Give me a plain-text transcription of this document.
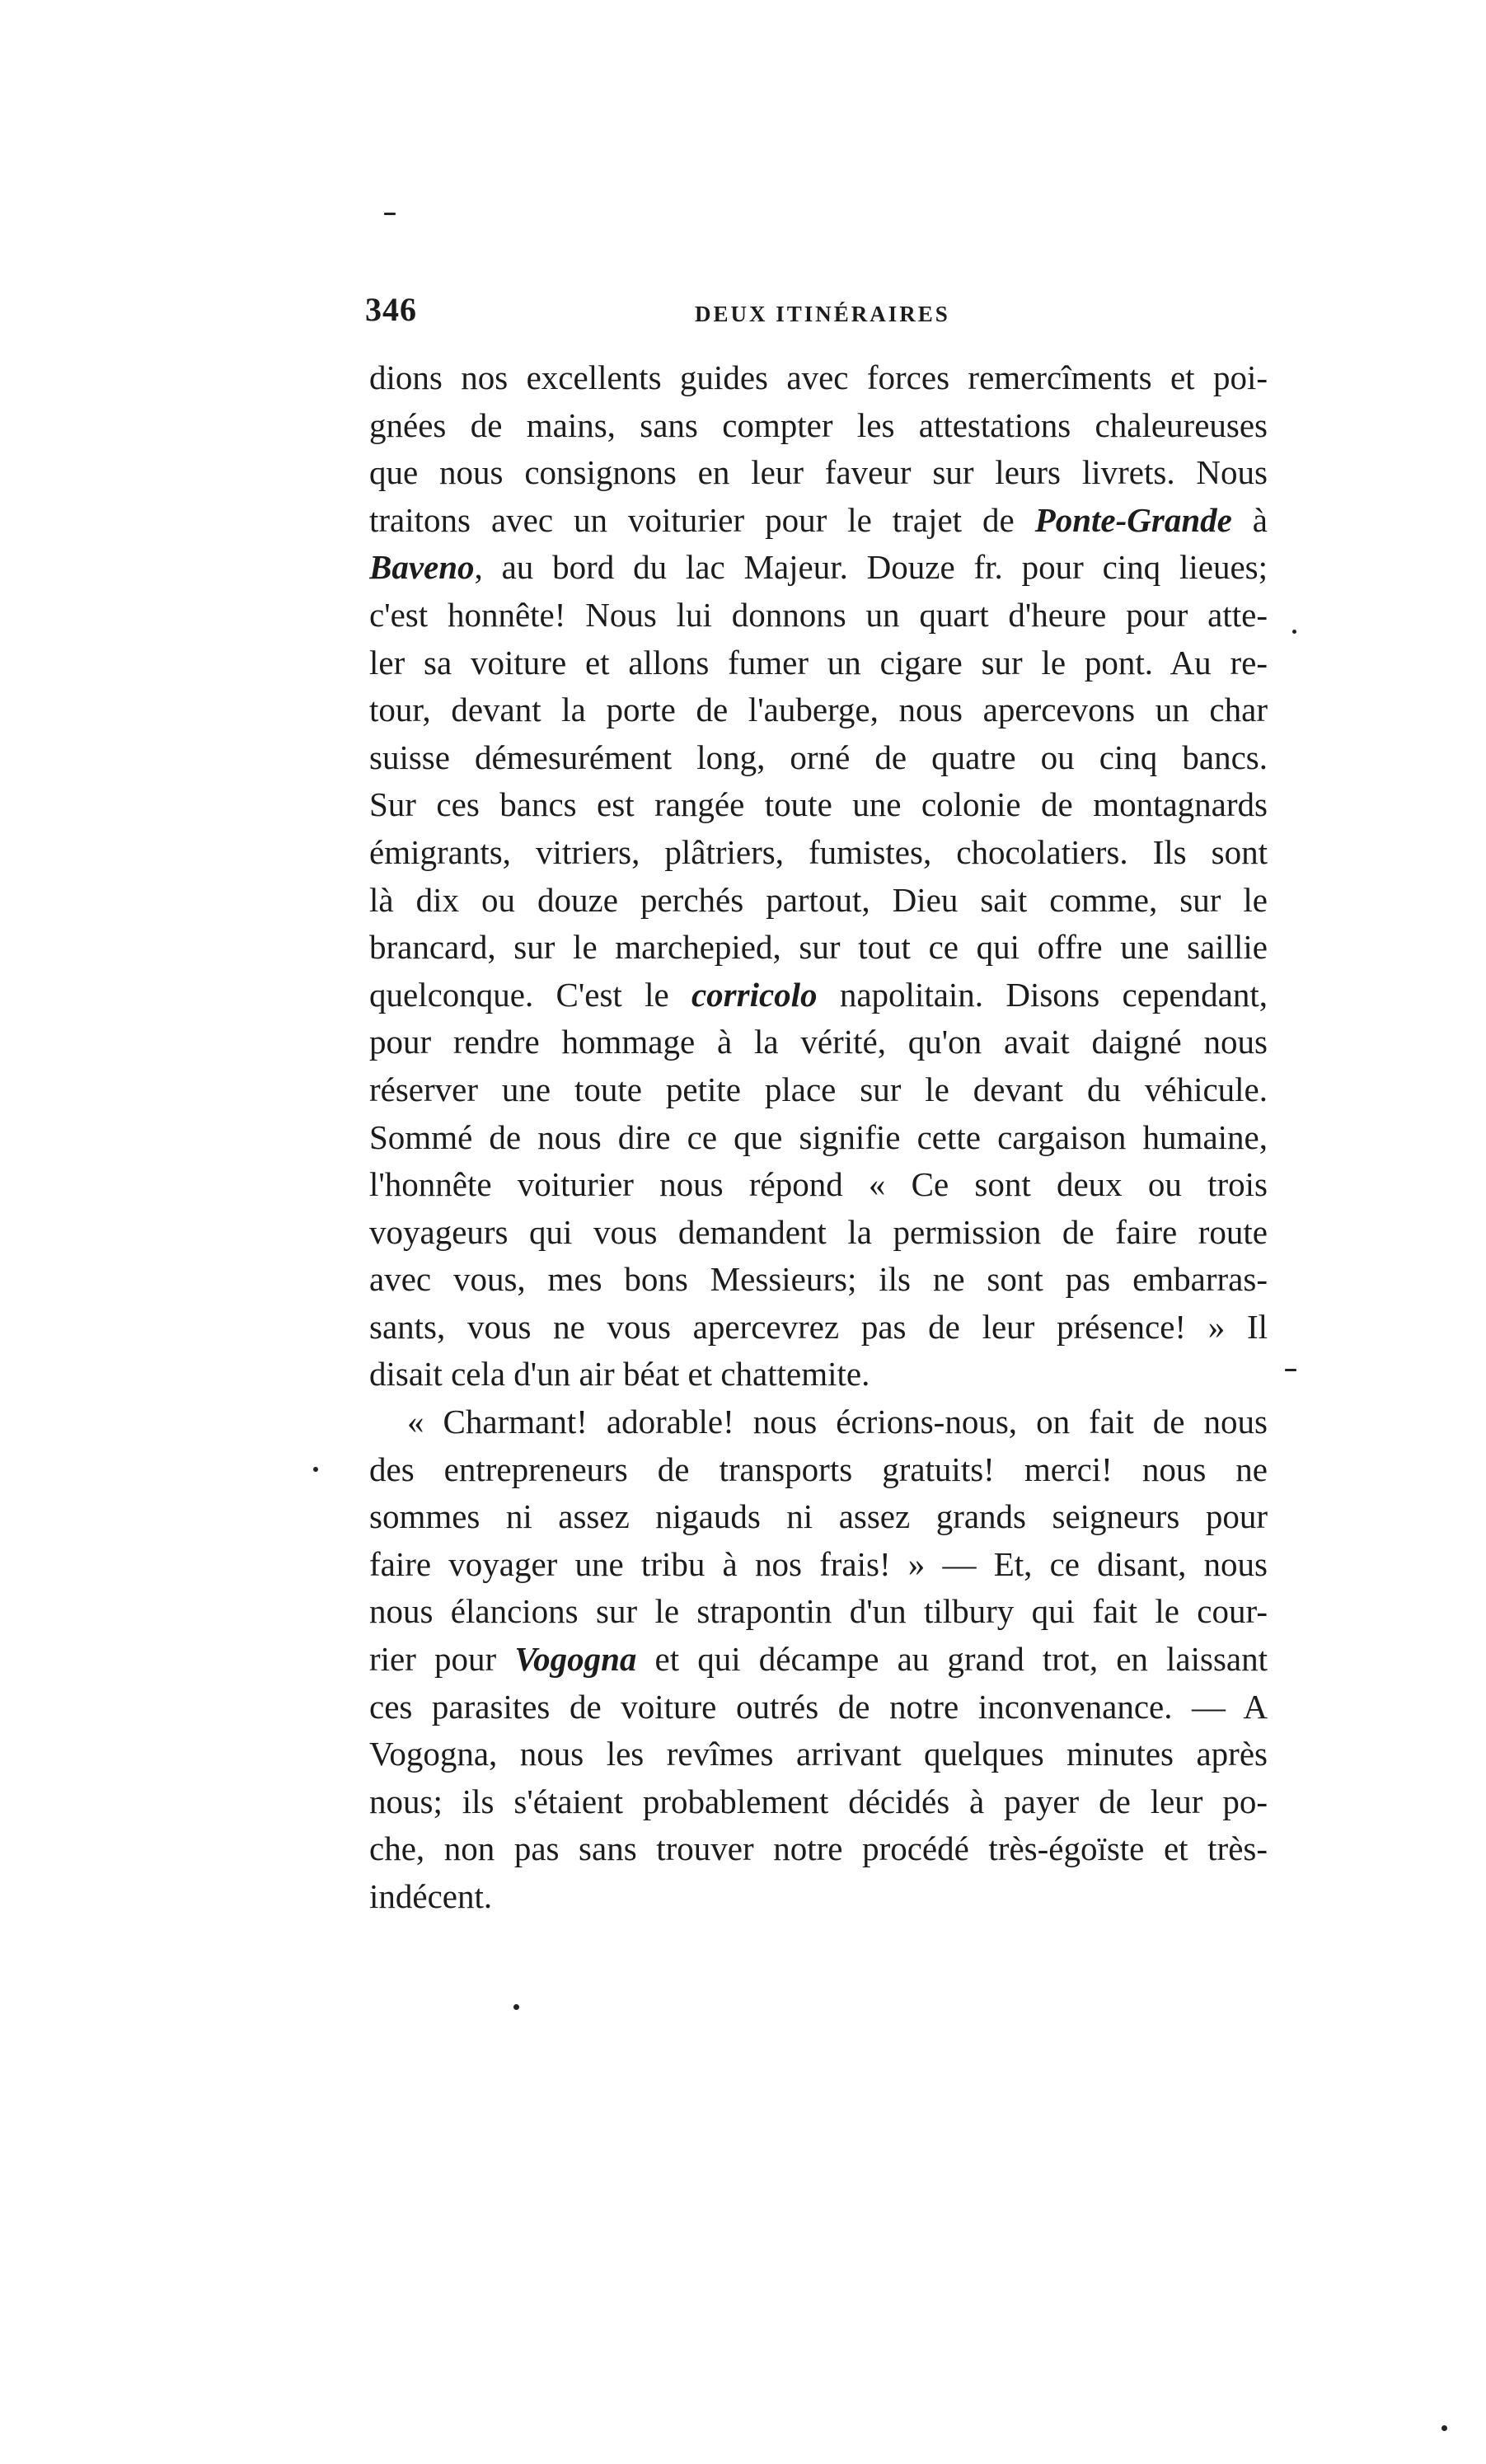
346	DEUX ITINÉRAIRES
dions nos excellents guides avec forces remercîments et poi-
gnées de mains, sans compter les attestations chaleureuses
que nous consignons en leur faveur sur leurs livrets. Nous
traitons avec un voiturier pour le trajet de Ponte-Grande à
Baveno, au bord du lac Majeur. Douze fr. pour cinq lieues;
c'est honnête! Nous lui donnons un quart d'heure pour atte-
ler sa voiture et allons fumer un cigare sur le pont. Au re-
tour, devant la porte de l'auberge, nous apercevons un char
suisse démesurément long, orné de quatre ou cinq bancs.
Sur ces bancs est rangée toute une colonie de montagnards
émigrants, vitriers, plâtriers, fumistes, chocolatiers. Ils sont
là dix ou douze perchés partout, Dieu sait comme, sur le
brancard, sur le marchepied, sur tout ce qui offre une saillie
quelconque. C'est le corricolo napolitain. Disons cependant,
pour rendre hommage à la vérité, qu'on avait daigné nous
réserver une toute petite place sur le devant du véhicule.
Sommé de nous dire ce que signifie cette cargaison humaine,
l'honnête voiturier nous répond « Ce sont deux ou trois
voyageurs qui vous demandent la permission de faire route
avec vous, mes bons Messieurs; ils ne sont pas embarras-
sants, vous ne vous apercevrez pas de leur présence! » Il
disait cela d'un air béat et chattemite.
« Charmant! adorable! nous écrions-nous, on fait de nous
des entrepreneurs de transports gratuits! merci! nous ne
sommes ni assez nigauds ni assez grands seigneurs pour
faire voyager une tribu à nos frais! » — Et, ce disant, nous
nous élancions sur le strapontin d'un tilbury qui fait le cour-
rier pour Vogogna et qui décampe au grand trot, en laissant
ces parasites de voiture outrés de notre inconvenance. — A
Vogogna, nous les revîmes arrivant quelques minutes après
nous; ils s'étaient probablement décidés à payer de leur po-
che, non pas sans trouver notre procédé très-égoïste et très-
indécent.
